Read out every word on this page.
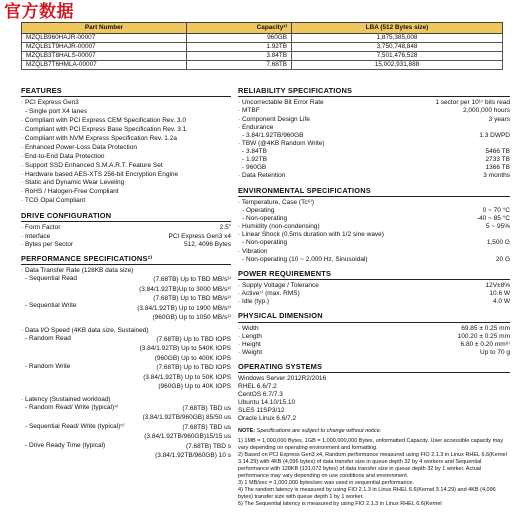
官方数据
Part Number	Capacity¹⁾	LBA (512 Bytes size)
MZQLB960HAJR-00007	960GB	1,875,385,008
MZQLB1T9HAJR-00007	1.92TB	3,750,748,848
MZQLB3T8HALS-00007	3.84TB	7,501,476,528
MZQLB7T6HMLA-00007	7.68TB	15,002,931,888
FEATURES
· PCI Express Gen3
- Single port X4 lanes
· Compliant with PCI Express CEM Specification Rev. 3.0
· Compliant with PCI Express Base Specification Rev. 3.1
· Compliant with NVM Express Specification Rev. 1.2a
· Enhanced Power-Loss Data Protection
· End-to-End Data Protection
· Support SSD Enhanced S.M.A.R.T. Feature Set
· Hardware based AES-XTS 256-bit Encryption Engine
· Static and Dynamic Wear Leveling
· RoHS / Halogen-Free Compliant
· TCG Opal Compliant
DRIVE CONFIGURATION
· Form Factor	2.5"
· Interface	PCI Express Gen3 x4
· Bytes per Sector	512, 4096 Bytes
PERFORMANCE SPECIFICATIONS²⁾
· Data Transfer Rate (128KB data size)
- Sequential Read	(7.68TB) Up to TBD MB/s³⁾
(3.84/1.92TB)Up to 3000 MB/s³⁾
- Sequential Write
(7.68TB) Up to TBD MB/s³⁾
(3.84/1.92TB) Up to 1900 MB/s³⁾
(960GB) Up to 1050 MB/s³⁾
· Data I/O Speed (4KB data size, Sustained)
- Random Read	(7.68TB) Up to TBD IOPS
(3.84/1.92TB) Up to 540K IOPS
(960GB) Up to 400K IOPS
- Random Write	(7.68TB) Up to TBD IOPS
(3.84/1.92TB) Up to 50K IOPS
(960GB) Up to 40K IOPS
· Latency (Sustained workload)
- Random Read/ Write (typical)⁴⁾	(7.68TB) TBD us
(3.84/1.92TB/960GB) 85/50 us
- Sequential Read/ Write (typical)⁵⁾	(7.68TB) TBD us
(3.84/1.92TB/960GB)15/15 us
- Drive Ready Time (typical)	(7.68TB) TBD s
(3.84/1.92TB/960GB) 10 s
RELIABILITY SPECIFICATIONS
· Uncorrectable Bit Error Rate	1 sector per 10¹⁷ bits read
· MTBF	2,000,000 hours
· Component Design Life	3 years
· Endurance
- 3.84/1.92TB/960GB	1.3 DWPD
· TBW (@4KB Random Write)
- 3.84TB	5466 TB
- 1.92TB	2733 TB
- 960GB	1366 TB
· Data Retention	3 months
ENVIRONMENTAL SPECIFICATIONS
· Temperature, Case (Tc⁶⁾)
- Operating	0 ~ 70 °C
- Non-operating	-40 ~ 85 °C
· Humidity (non-condensing)	5 ~ 95%
· Linear Shock (0.5ms duration with 1/2 sine wave)
- Non-operating	1,500 G
· Vibration
- Non-operating (10 ~ 2,000 Hz, Sinusoidal)	20 G
POWER REQUIREMENTS
· Supply Voltage / Tolerance	12V±8%
· Active⁷⁾ (max. RMS)	10.6 W
· Idle (typ.)	4.0 W
PHYSICAL DIMENSION
· Width	69.85 ± 0.25 mm
· Length	100.20 ± 0.25 mm
· Height	6.80 ± 0.20 mm⁸⁾
· Weight	Up to 70 g
OPERATING SYSTEMS
Windows Server 2012R2/2016
RHEL 6.6/7.2
CentOS 6.7/7.3
Ubuntu 14.10/15.10
SLES 11SP3/12
Oracle Linux 6.6/7.2
NOTE: Specifications are subject to change without notice.
1) 1MB = 1,000,000 Bytes, 1GB = 1,000,000,000 Bytes, unformatted Capacity. User accessible capacity may vary depending on operating environment and formatting.
2) Based on PCI Express Gen3 x4, Random performance measured using FIO 2.1.3 in Linux RHEL 6.6(Kernel 3.14.29) with 4KB (4,096 bytes) of data transfer size in queue depth 32 by 4 workers and Sequential performance with 128KB (131,072 bytes) of data transfer size in queue depth 32 by 1 worker. Actual performance may vary depending on use conditions and environment.
3) 1 MB/sec = 1,000,000 bytes/sec was used in sequential performance.
4) The random latency is measured by using FIO 2.1.3 in Linux RHEL 6.6(Kernel 3.14.29) and 4KB (4,096 bytes) transfer size with queue depth 1 by 1 worker.
5) The Sequential latency is measured by using FIO 2.1.3 in Linux RHEL 6.6(Kernel
